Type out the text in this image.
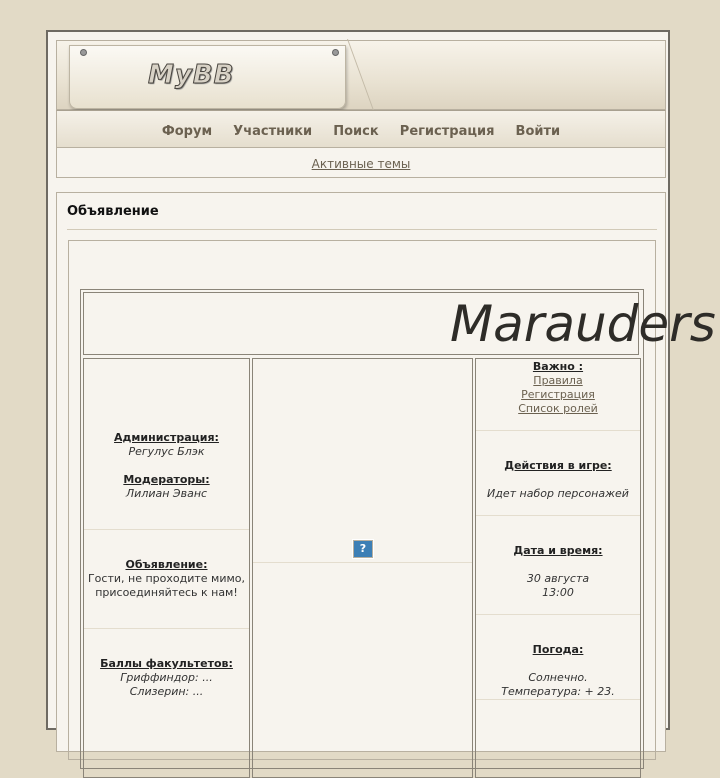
MyBB
Форум Участники Поиск Регистрация Войти
Активные темы
Объявление
Marauders
Администрация:
Регулус Блэк

Модераторы:
Лилиан Эванс
Объявление:
Гости, не проходите мимо,
присоединяйтесь к нам!
Баллы факультетов:
Гриффиндор: ...
Слизерин: ...
?
Важно :
Правила
Регистрация
Список ролей
Действия в игре:

Идет набор персонажей
Дата и время:

30 августа
13:00
Погода:

Солнечно.
Температура: + 23.
